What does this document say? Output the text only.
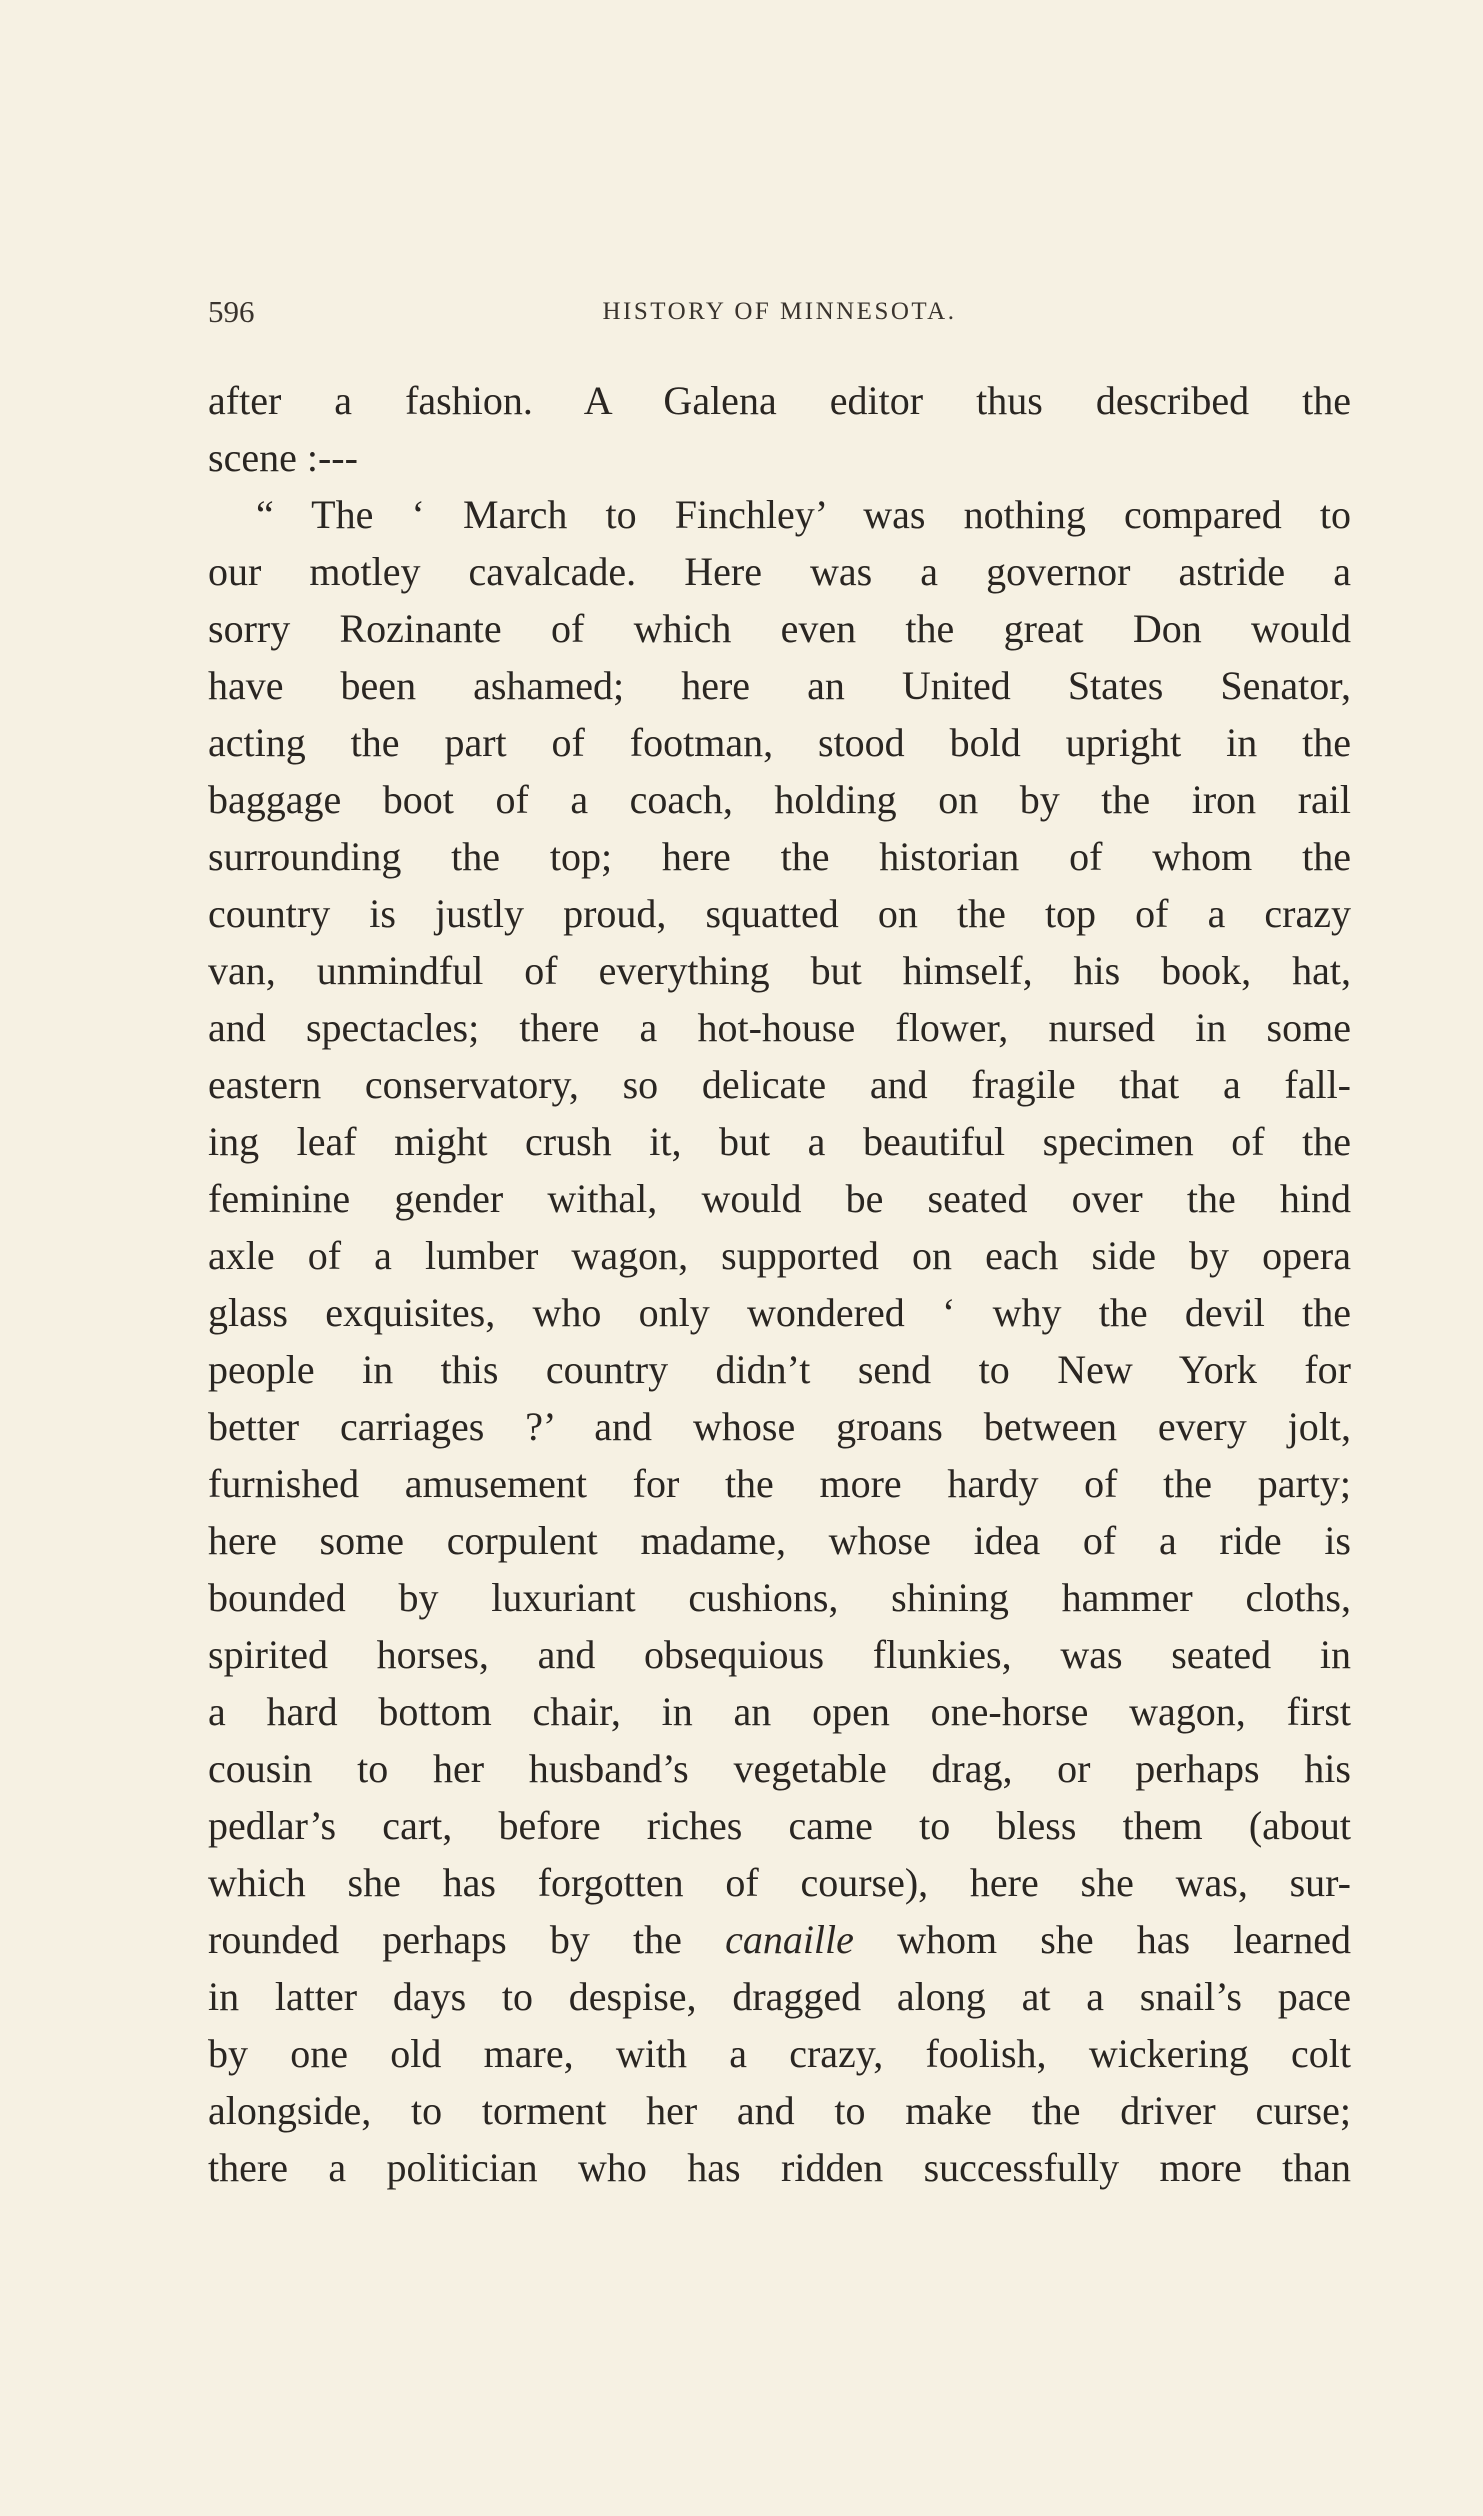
596	HISTORY OF MINNESOTA.
after a fashion. A Galena editor thus described the
scene :---
“ The ‘ March to Finchley’ was nothing compared to
our motley cavalcade. Here was a governor astride a
sorry Rozinante of which even the great Don would
have been ashamed; here an United States Senator,
acting the part of footman, stood bold upright in the
baggage boot of a coach, holding on by the iron rail
surrounding the top; here the historian of whom the
country is justly proud, squatted on the top of a crazy
van, unmindful of everything but himself, his book, hat,
and spectacles; there a hot-house flower, nursed in some
eastern conservatory, so delicate and fragile that a fall-
ing leaf might crush it, but a beautiful specimen of the
feminine gender withal, would be seated over the hind
axle of a lumber wagon, supported on each side by opera
glass exquisites, who only wondered ‘ why the devil the
people in this country didn’t send to New York for
better carriages ?’ and whose groans between every jolt,
furnished amusement for the more hardy of the party;
here some corpulent madame, whose idea of a ride is
bounded by luxuriant cushions, shining hammer cloths,
spirited horses, and obsequious flunkies, was seated in
a hard bottom chair, in an open one-horse wagon, first
cousin to her husband’s vegetable drag, or perhaps his
pedlar’s cart, before riches came to bless them (about
which she has forgotten of course), here she was, sur-
rounded perhaps by the canaille whom she has learned
in latter days to despise, dragged along at a snail’s pace
by one old mare, with a crazy, foolish, wickering colt
alongside, to torment her and to make the driver curse;
there a politician who has ridden successfully more than
